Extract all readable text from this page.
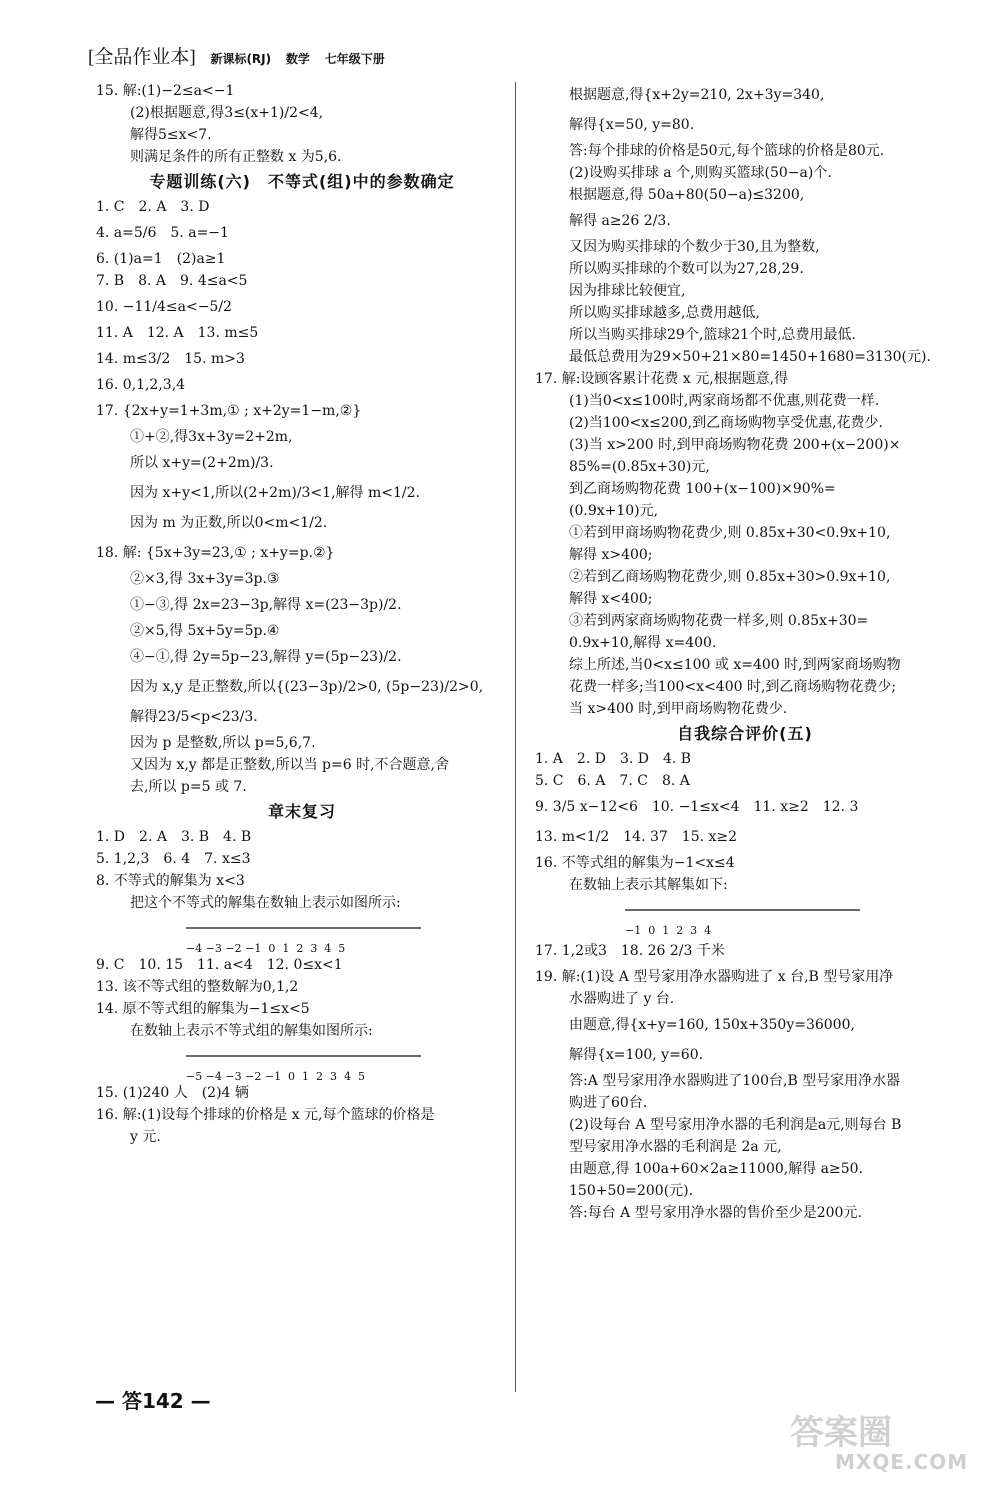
[全品作业本] 新课标(RJ) 数学 七年级下册
15. 解:(1)−2≤a<−1
(2)根据题意,得3≤(x+1)/2<4,
解得5≤x<7.
则满足条件的所有正整数 x 为5,6.
专题训练(六)　不等式(组)中的参数确定
1. C　2. A　3. D
4. a=5/6　5. a=−1
6. (1)a=1　(2)a≥1
7. B　8. A　9. 4≤a<5
10. −11/4≤a<−5/2
11. A　12. A　13. m≤5
14. m≤3/2　15. m>3
16. 0,1,2,3,4
17. {2x+y=1+3m,① ; x+2y=1−m,②}
①+②,得3x+3y=2+2m,
所以 x+y=(2+2m)/3.
因为 x+y<1,所以(2+2m)/3<1,解得 m<1/2.
因为 m 为正数,所以0<m<1/2.
18. 解: {5x+3y=23,① ; x+y=p.②}
②×3,得 3x+3y=3p.③
①−③,得 2x=23−3p,解得 x=(23−3p)/2.
②×5,得 5x+5y=5p.④
④−①,得 2y=5p−23,解得 y=(5p−23)/2.
因为 x,y 是正整数,所以{(23−3p)/2>0, (5p−23)/2>0,
解得23/5<p<23/3.
因为 p 是整数,所以 p=5,6,7.
又因为 x,y 都是正整数,所以当 p=6 时,不合题意,舍
去,所以 p=5 或 7.
章末复习
1. D　2. A　3. B　4. B
5. 1,2,3　6. 4　7. x≤3
8. 不等式的解集为 x<3
把这个不等式的解集在数轴上表示如图所示:
−4 −3 −2 −1  0  1  2  3  4  5
9. C　10. 15　11. a<4　12. 0≤x<1
13. 该不等式组的整数解为0,1,2
14. 原不等式组的解集为−1≤x<5
在数轴上表示不等式组的解集如图所示:
−5 −4 −3 −2 −1  0  1  2  3  4  5
15. (1)240 人　(2)4 辆
16. 解:(1)设每个排球的价格是 x 元,每个篮球的价格是
y 元.
根据题意,得{x+2y=210, 2x+3y=340,
解得{x=50, y=80.
答:每个排球的价格是50元,每个篮球的价格是80元.
(2)设购买排球 a 个,则购买篮球(50−a)个.
根据题意,得 50a+80(50−a)≤3200,
解得 a≥26 2/3.
又因为购买排球的个数少于30,且为整数,
所以购买排球的个数可以为27,28,29.
因为排球比较便宜,
所以购买排球越多,总费用越低,
所以当购买排球29个,篮球21个时,总费用最低.
最低总费用为29×50+21×80=1450+1680=3130(元).
17. 解:设顾客累计花费 x 元,根据题意,得
(1)当0<x≤100时,两家商场都不优惠,则花费一样.
(2)当100<x≤200,到乙商场购物享受优惠,花费少.
(3)当 x>200 时,到甲商场购物花费 200+(x−200)×
85%=(0.85x+30)元,
到乙商场购物花费 100+(x−100)×90%=
(0.9x+10)元,
①若到甲商场购物花费少,则 0.85x+30<0.9x+10,
解得 x>400;
②若到乙商场购物花费少,则 0.85x+30>0.9x+10,
解得 x<400;
③若到两家商场购物花费一样多,则 0.85x+30=
0.9x+10,解得 x=400.
综上所述,当0<x≤100 或 x=400 时,到两家商场购物
花费一样多;当100<x<400 时,到乙商场购物花费少;
当 x>400 时,到甲商场购物花费少.
自我综合评价(五)
1. A　2. D　3. D　4. B
5. C　6. A　7. C　8. A
9. 3/5 x−12<6　10. −1≤x<4　11. x≥2　12. 3
13. m<1/2　14. 37　15. x≥2
16. 不等式组的解集为−1<x≤4
在数轴上表示其解集如下:
−1  0  1  2  3  4
17. 1,2或3　18. 26 2/3 千米
19. 解:(1)设 A 型号家用净水器购进了 x 台,B 型号家用净
水器购进了 y 台.
由题意,得{x+y=160, 150x+350y=36000,
解得{x=100, y=60.
答:A 型号家用净水器购进了100台,B 型号家用净水器
购进了60台.
(2)设每台 A 型号家用净水器的毛利润是a元,则每台 B
型号家用净水器的毛利润是 2a 元,
由题意,得 100a+60×2a≥11000,解得 a≥50.
150+50=200(元).
答:每台 A 型号家用净水器的售价至少是200元.
— 答142 —
答案圈
MXQE.COM
